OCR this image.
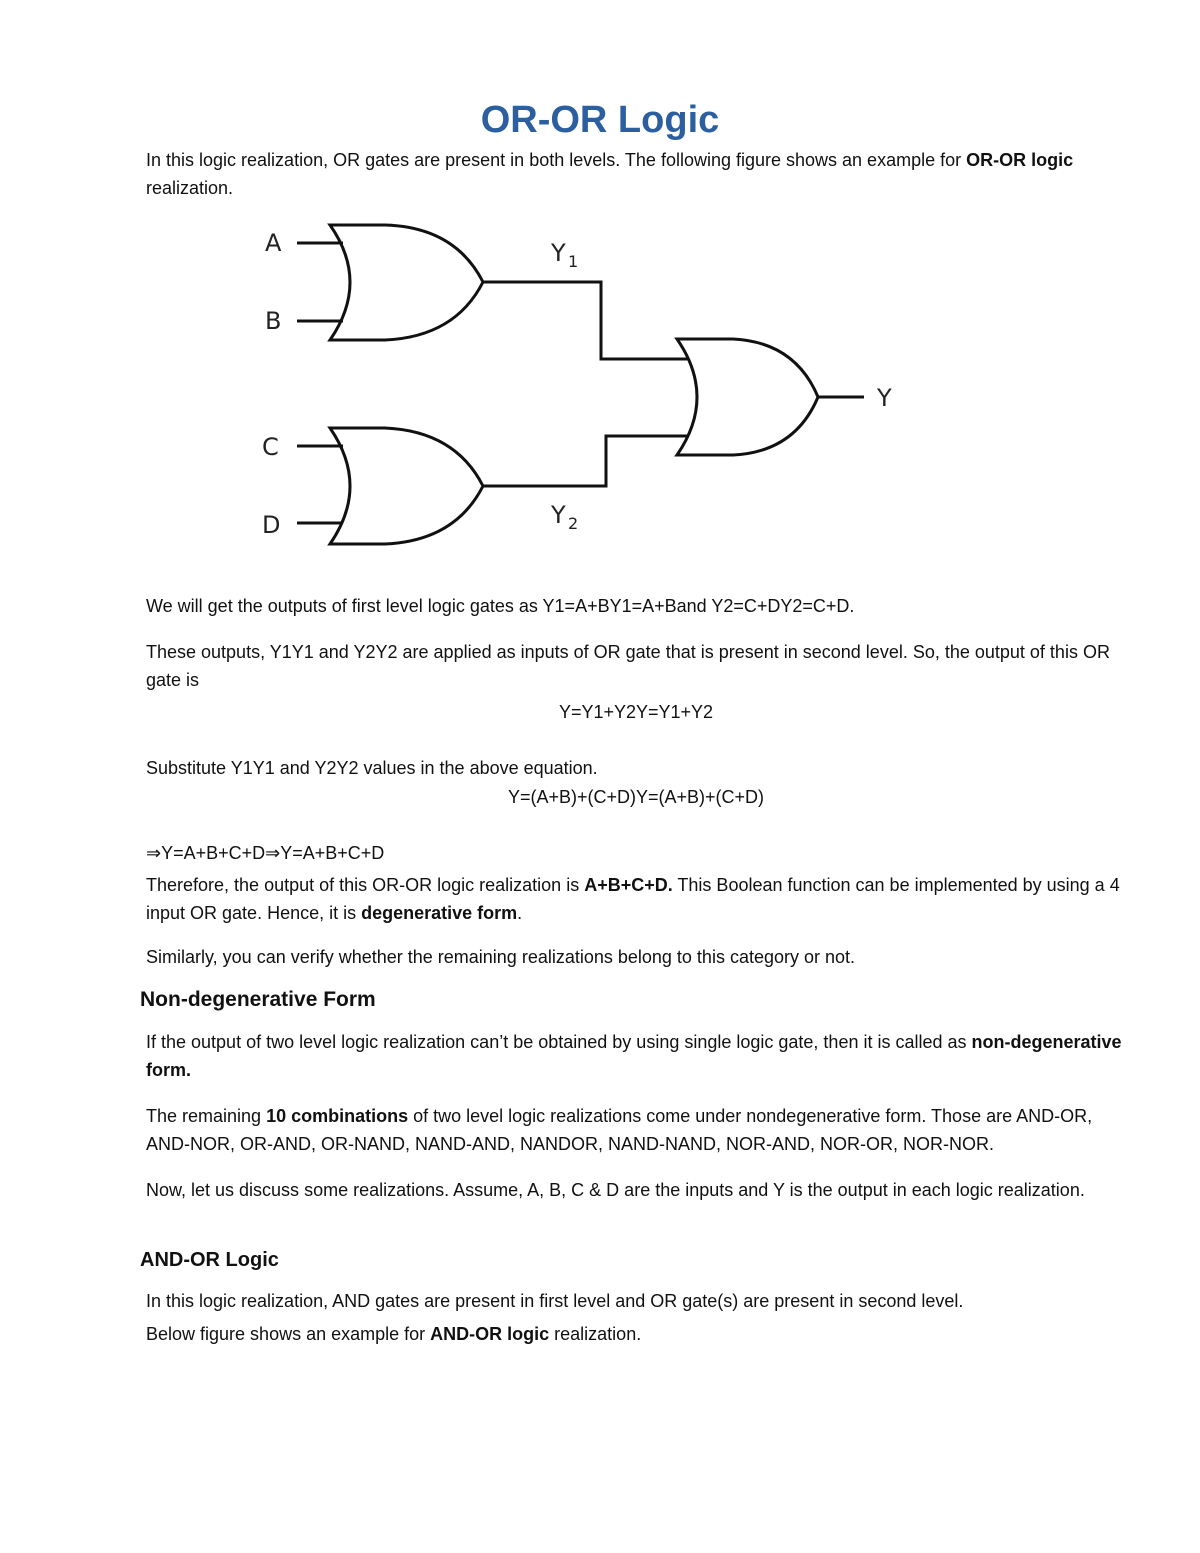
OR-OR Logic

In this logic realization, OR gates are present in both levels. The following figure shows an example for OR-OR logic realization.

A
B
C
D
Y 1
Y 2
Y

We will get the outputs of first level logic gates as Y1=A+BY1=A+Band Y2=C+DY2=C+D.

These outputs, Y1Y1 and Y2Y2 are applied as inputs of OR gate that is present in second level. So, the output of this OR gate is

Y=Y1+Y2Y=Y1+Y2

Substitute Y1Y1 and Y2Y2 values in the above equation.

Y=(A+B)+(C+D)Y=(A+B)+(C+D)

⇒Y=A+B+C+D⇒Y=A+B+C+D

Therefore, the output of this OR-OR logic realization is A+B+C+D. This Boolean function can be implemented by using a 4 input OR gate. Hence, it is degenerative form.

Similarly, you can verify whether the remaining realizations belong to this category or not.

Non-degenerative Form

If the output of two level logic realization can’t be obtained by using single logic gate, then it is called as non-degenerative form.

The remaining 10 combinations of two level logic realizations come under nondegenerative form. Those are AND-OR, AND-NOR, OR-AND, OR-NAND, NAND-AND, NANDOR, NAND-NAND, NOR-AND, NOR-OR, NOR-NOR.

Now, let us discuss some realizations. Assume, A, B, C & D are the inputs and Y is the output in each logic realization.

AND-OR Logic

In this logic realization, AND gates are present in first level and OR gate(s) are present in second level.

Below figure shows an example for AND-OR logic realization.
